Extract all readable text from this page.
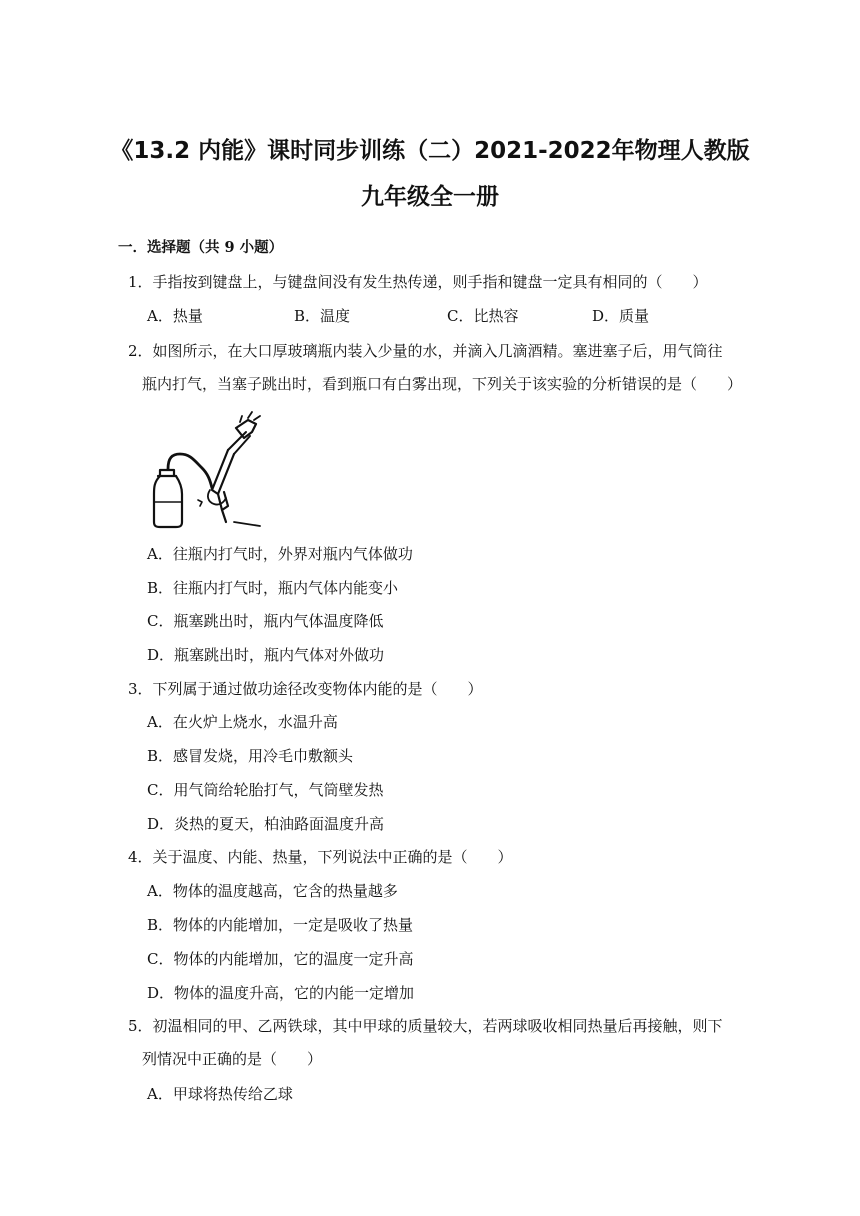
《13.2 内能》课时同步训练（二）2021-2022年物理人教版
九年级全一册
一．选择题（共 9 小题）
1．手指按到键盘上，与键盘间没有发生热传递，则手指和键盘一定具有相同的（　　）
A．热量	B．温度	C．比热容	D．质量
2．如图所示，在大口厚玻璃瓶内装入少量的水，并滴入几滴酒精。塞进塞子后，用气筒往
瓶内打气，当塞子跳出时，看到瓶口有白雾出现，下列关于该实验的分析错误的是（　　）
A．往瓶内打气时，外界对瓶内气体做功
B．往瓶内打气时，瓶内气体内能变小
C．瓶塞跳出时，瓶内气体温度降低
D．瓶塞跳出时，瓶内气体对外做功
3．下列属于通过做功途径改变物体内能的是（　　）
A．在火炉上烧水，水温升高
B．感冒发烧，用冷毛巾敷额头
C．用气筒给轮胎打气，气筒壁发热
D．炎热的夏天，柏油路面温度升高
4．关于温度、内能、热量，下列说法中正确的是（　　）
A．物体的温度越高，它含的热量越多
B．物体的内能增加，一定是吸收了热量
C．物体的内能增加，它的温度一定升高
D．物体的温度升高，它的内能一定增加
5．初温相同的甲、乙两铁球，其中甲球的质量较大，若两球吸收相同热量后再接触，则下
列情况中正确的是（　　）
A．甲球将热传给乙球
